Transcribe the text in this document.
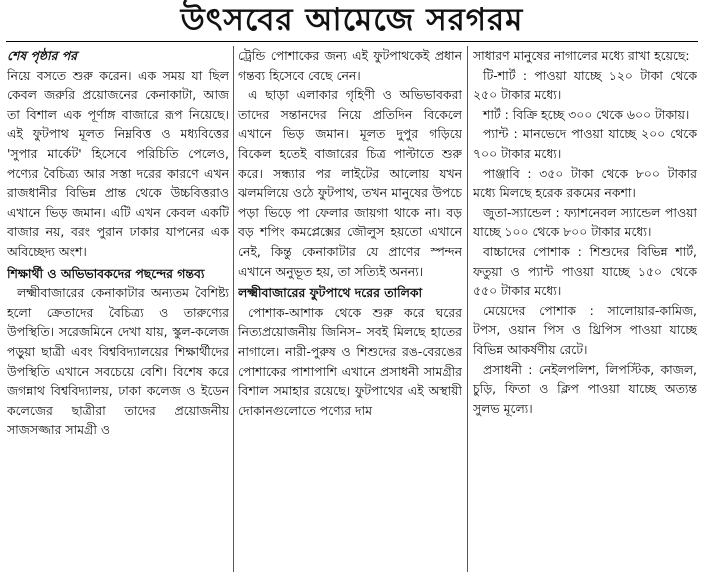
উৎসবের আমেজে সরগরম
শেষ পৃষ্ঠার পর

নিয়ে বসতে শুরু করেন। এক সময় যা ছিল কেবল জরুরি প্রয়োজনের কেনাকাটা, আজ তা বিশাল এক পূর্ণাঙ্গ বাজারে রূপ নিয়েছে। এই ফুটপাথ মূলত নিম্নবিত্ত ও মধ্যবিত্তের 'সুপার মার্কেট' হিসেবে পরিচিতি পেলেও, পণ্যের বৈচিত্র্য আর সস্তা দরের কারণে এখন রাজধানীর বিভিন্ন প্রান্ত থেকে উচ্চবিত্তরাও এখানে ভিড় জমান। এটি এখন কেবল একটি বাজার নয়, বরং পুরান ঢাকার যাপনের এক অবিচ্ছেদ্য অংশ।

শিক্ষার্থী ও অভিভাবকদের পছন্দের গন্তব্য

লক্ষ্মীবাজারের কেনাকাটার অন্যতম বৈশিষ্ট্য হলো ক্রেতাদের বৈচিত্র্য ও তারুণ্যের উপস্থিতি। সরেজমিনে দেখা যায়, স্কুল-কলেজ পড়ুয়া ছাত্রী এবং বিশ্ববিদ্যালয়ের শিক্ষার্থীদের উপস্থিতি এখানে সবচেয়ে বেশি। বিশেষ করে জগন্নাথ বিশ্ববিদ্যালয়, ঢাকা কলেজ ও ইডেন কলেজের ছাত্রীরা তাদের প্রয়োজনীয় সাজসজ্জার সামগ্রী ও

ট্রেন্ডি পোশাকের জন্য এই ফুটপাথকেই প্রধান গন্তব্য হিসেবে বেছে নেন।

এ ছাড়া এলাকার গৃহিণী ও অভিভাবকরা তাদের সন্তানদের নিয়ে প্রতিদিন বিকেলে এখানে ভিড় জমান। মূলত দুপুর গড়িয়ে বিকেল হতেই বাজারের চিত্র পাল্টাতে শুরু করে। সন্ধ্যার পর লাইটের আলোয় যখন ঝলমলিয়ে ওঠে ফুটপাথ, তখন মানুষের উপচে পড়া ভিড়ে পা ফেলার জায়গা থাকে না। বড় বড় শপিং কমপ্লেক্সের জৌলুস হয়তো এখানে নেই, কিন্তু কেনাকাটার যে প্রাণের স্পন্দন এখানে অনুভূত হয়, তা সত্যিই অনন্য।

লক্ষ্মীবাজারের ফুটপাথে দরের তালিকা

পোশাক-আশাক থেকে শুরু করে ঘরের নিত্যপ্রয়োজনীয় জিনিস– সবই মিলছে হাতের নাগালে। নারী-পুরুষ ও শিশুদের রঙ-বেরঙের পোশাকের পাশাপাশি এখানে প্রসাধনী সামগ্রীর বিশাল সমাহার রয়েছে। ফুটপাথের এই অস্থায়ী দোকানগুলোতে পণ্যের দাম

সাধারণ মানুষের নাগালের মধ্যে রাখা হয়েছে:

টি-শার্ট : পাওয়া যাচ্ছে ১২০ টাকা থেকে ২৫০ টাকার মধ্যে।

শার্ট : বিক্রি হচ্ছে ৩০০ থেকে ৬০০ টাকায়।

প্যান্ট : মানভেদে পাওয়া যাচ্ছে ২০০ থেকে ৭০০ টাকার মধ্যে।

পাঞ্জাবি : ৩৫০ টাকা থেকে ৮০০ টাকার মধ্যে মিলছে হরেক রকমের নকশা।

জুতা-স্যান্ডেল : ফ্যাশনেবল স্যান্ডেল পাওয়া যাচ্ছে ১০০ থেকে ৮০০ টাকার মধ্যে।

বাচ্চাদের পোশাক : শিশুদের বিভিন্ন শার্ট, ফতুয়া ও প্যান্ট পাওয়া যাচ্ছে ১৫০ থেকে ৫৫০ টাকার মধ্যে।

মেয়েদের পোশাক : সালোয়ার-কামিজ, টপস, ওয়ান পিস ও থ্রিপিস পাওয়া যাচ্ছে বিভিন্ন আকর্ষণীয় রেটে।

প্রসাধনী : নেইলপলিশ, লিপস্টিক, কাজল, চুড়ি, ফিতা ও ক্লিপ পাওয়া যাচ্ছে অত্যন্ত সুলভ মূল্যে।
